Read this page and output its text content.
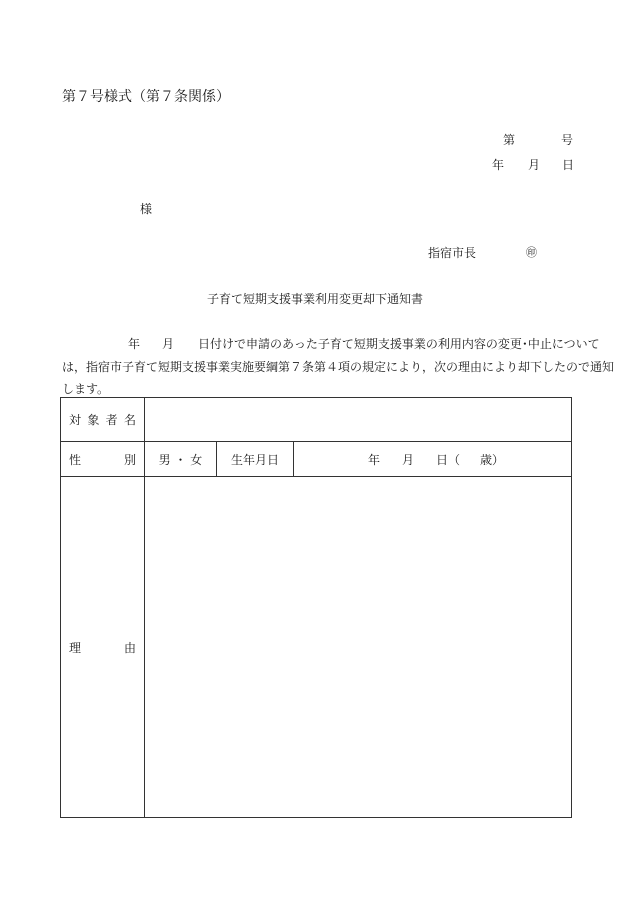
第７号様式（第７条関係）
第	号
年 月 日
様
指宿市長	㊞
子育て短期支援事業利用変更却下通知書
年 月 日付けで申請のあった子育て短期支援事業の利用内容の変更･中止について
は，指宿市子育て短期支援事業実施要綱第７条第４項の規定により，次の理由により却下したので通知
します。
対 象 者 名			

性 別	男 ・ 女	生年月日	年 月 日（ 歳）

理 由			
